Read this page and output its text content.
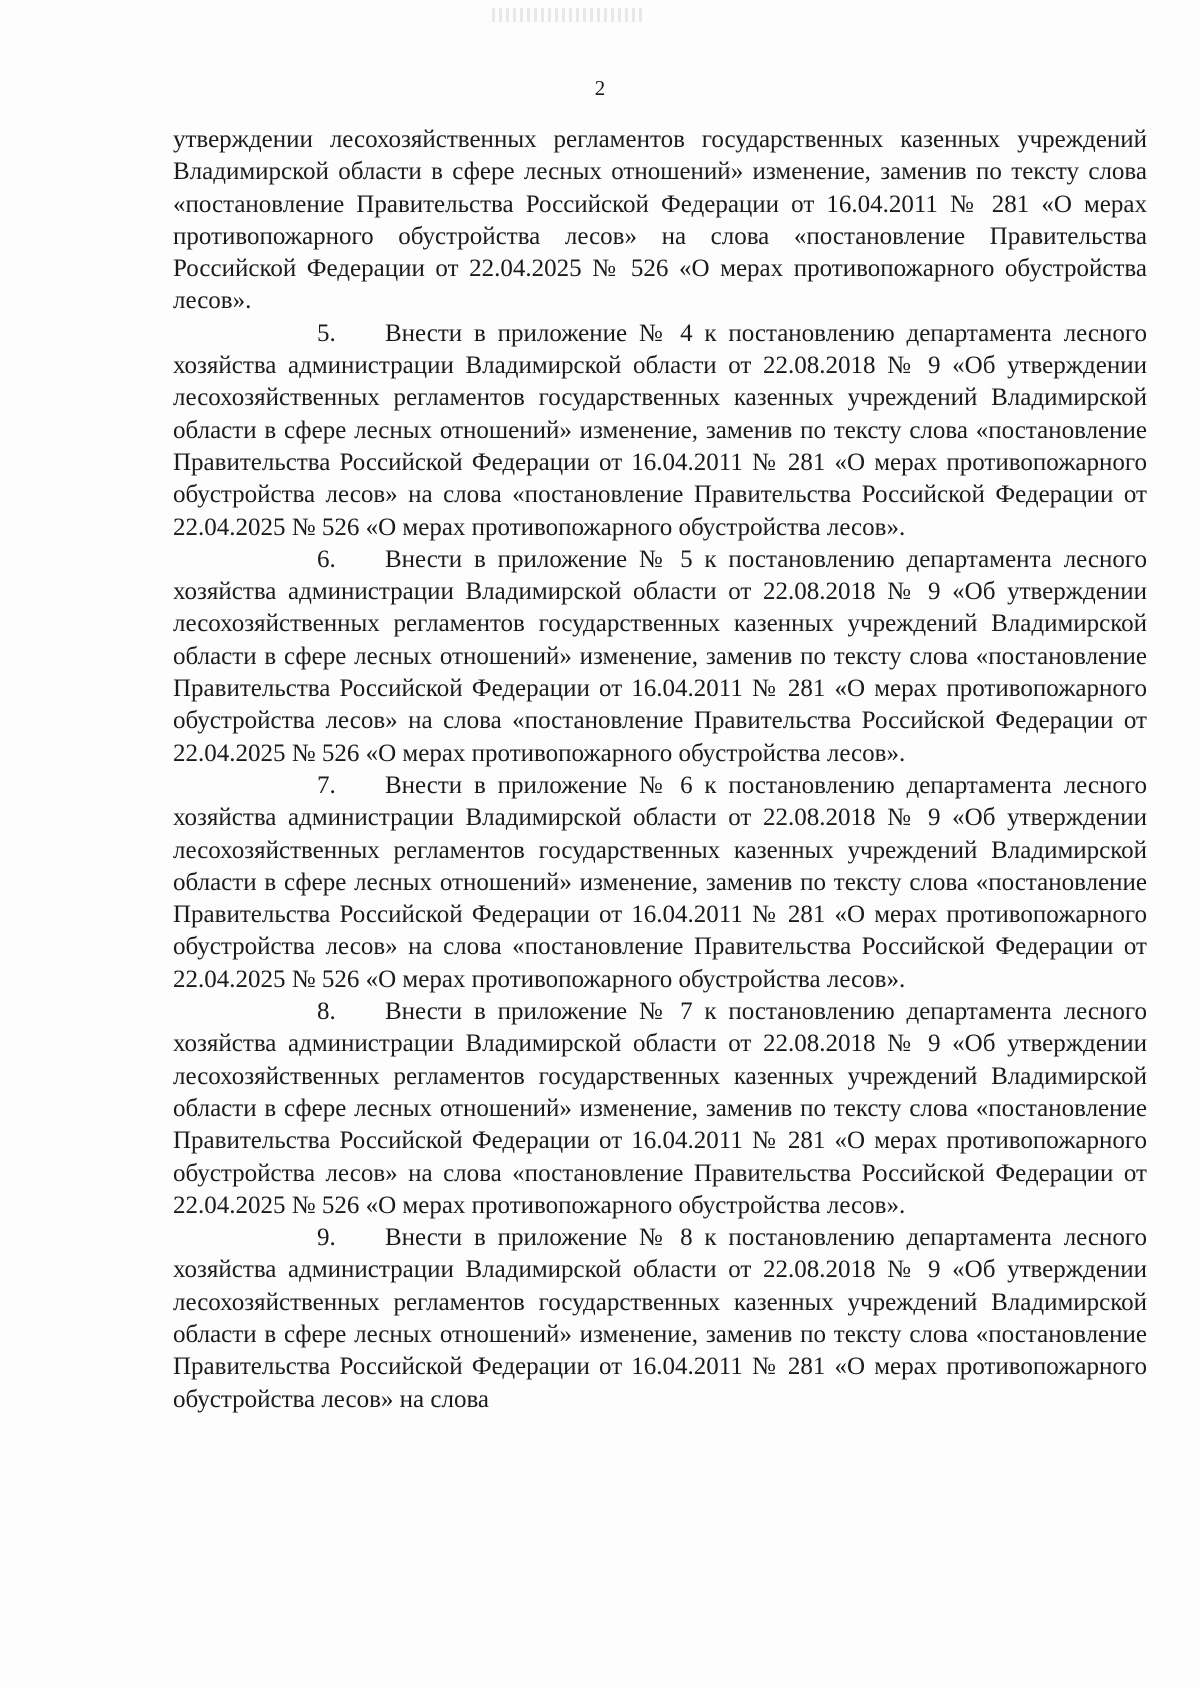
2

утверждении лесохозяйственных регламентов государственных казенных учреждений Владимирской области в сфере лесных отношений» изменение, заменив по тексту слова «постановление Правительства Российской Федерации от 16.04.2011 № 281 «О мерах противопожарного обустройства лесов» на слова «постановление Правительства Российской Федерации от 22.04.2025 № 526 «О мерах противопожарного обустройства лесов».

5. Внести в приложение № 4 к постановлению департамента лесного хозяйства администрации Владимирской области от 22.08.2018 № 9 «Об утверждении лесохозяйственных регламентов государственных казенных учреждений Владимирской области в сфере лесных отношений» изменение, заменив по тексту слова «постановление Правительства Российской Федерации от 16.04.2011 № 281 «О мерах противопожарного обустройства лесов» на слова «постановление Правительства Российской Федерации от 22.04.2025 № 526 «О мерах противопожарного обустройства лесов».

6. Внести в приложение № 5 к постановлению департамента лесного хозяйства администрации Владимирской области от 22.08.2018 № 9 «Об утверждении лесохозяйственных регламентов государственных казенных учреждений Владимирской области в сфере лесных отношений» изменение, заменив по тексту слова «постановление Правительства Российской Федерации от 16.04.2011 № 281 «О мерах противопожарного обустройства лесов» на слова «постановление Правительства Российской Федерации от 22.04.2025 № 526 «О мерах противопожарного обустройства лесов».

7. Внести в приложение № 6 к постановлению департамента лесного хозяйства администрации Владимирской области от 22.08.2018 № 9 «Об утверждении лесохозяйственных регламентов государственных казенных учреждений Владимирской области в сфере лесных отношений» изменение, заменив по тексту слова «постановление Правительства Российской Федерации от 16.04.2011 № 281 «О мерах противопожарного обустройства лесов» на слова «постановление Правительства Российской Федерации от 22.04.2025 № 526 «О мерах противопожарного обустройства лесов».

8. Внести в приложение № 7 к постановлению департамента лесного хозяйства администрации Владимирской области от 22.08.2018 № 9 «Об утверждении лесохозяйственных регламентов государственных казенных учреждений Владимирской области в сфере лесных отношений» изменение, заменив по тексту слова «постановление Правительства Российской Федерации от 16.04.2011 № 281 «О мерах противопожарного обустройства лесов» на слова «постановление Правительства Российской Федерации от 22.04.2025 № 526 «О мерах противопожарного обустройства лесов».

9. Внести в приложение № 8 к постановлению департамента лесного хозяйства администрации Владимирской области от 22.08.2018 № 9 «Об утверждении лесохозяйственных регламентов государственных казенных учреждений Владимирской области в сфере лесных отношений» изменение, заменив по тексту слова «постановление Правительства Российской Федерации от 16.04.2011 № 281 «О мерах противопожарного обустройства лесов» на слова
